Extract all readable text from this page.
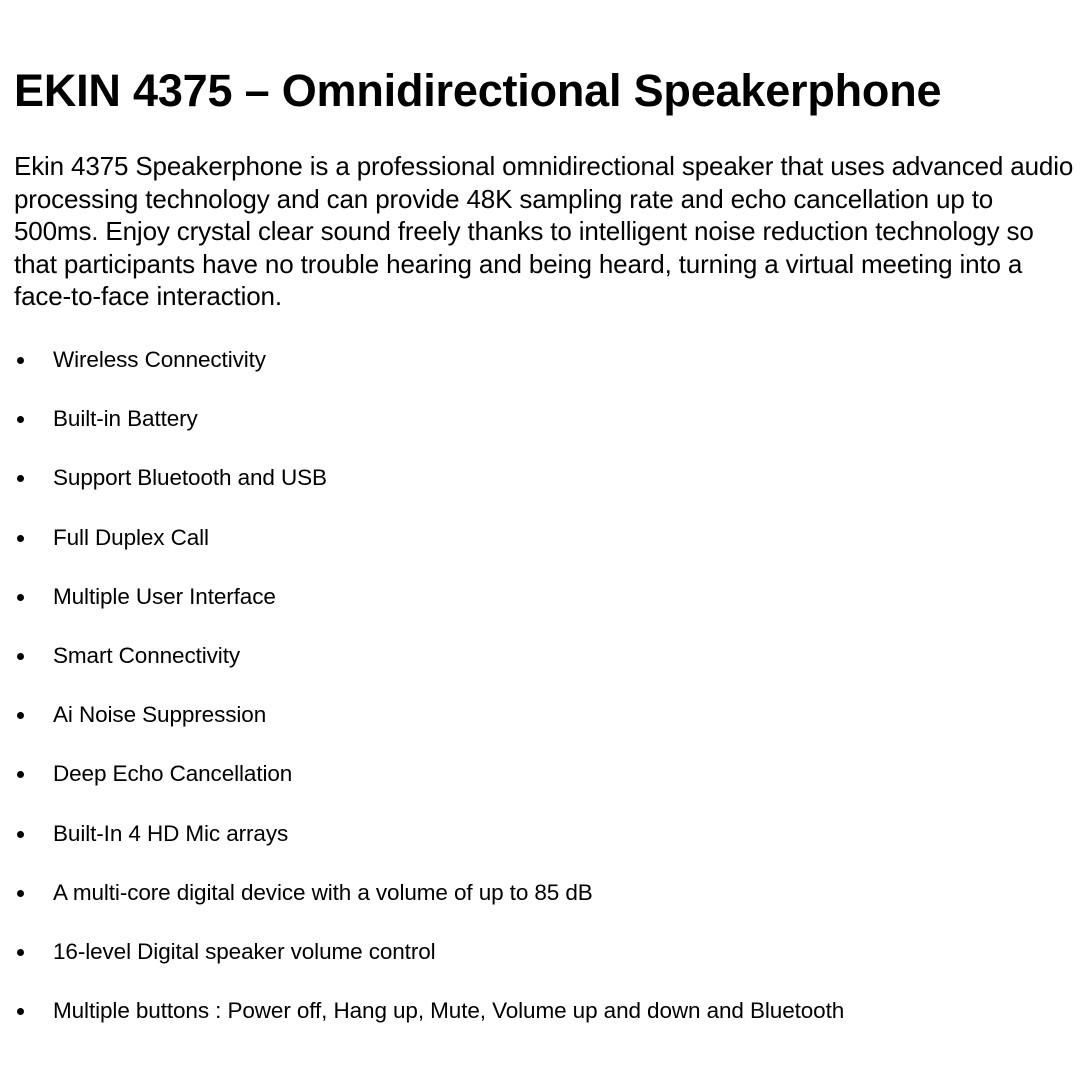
EKIN 4375 – Omnidirectional Speakerphone

Ekin 4375 Speakerphone is a professional omnidirectional speaker that uses advanced audio processing technology and can provide 48K sampling rate and echo cancellation up to 500ms. Enjoy crystal clear sound freely thanks to intelligent noise reduction technology so that participants have no trouble hearing and being heard, turning a virtual meeting into a face-to-face interaction.

Wireless Connectivity
Built-in Battery
Support Bluetooth and USB
Full Duplex Call
Multiple User Interface
Smart Connectivity
Ai Noise Suppression
Deep Echo Cancellation
Built-In 4 HD Mic arrays
A multi-core digital device with a volume of up to 85 dB
16-level Digital speaker volume control
Multiple buttons : Power off, Hang up, Mute, Volume up and down and Bluetooth
